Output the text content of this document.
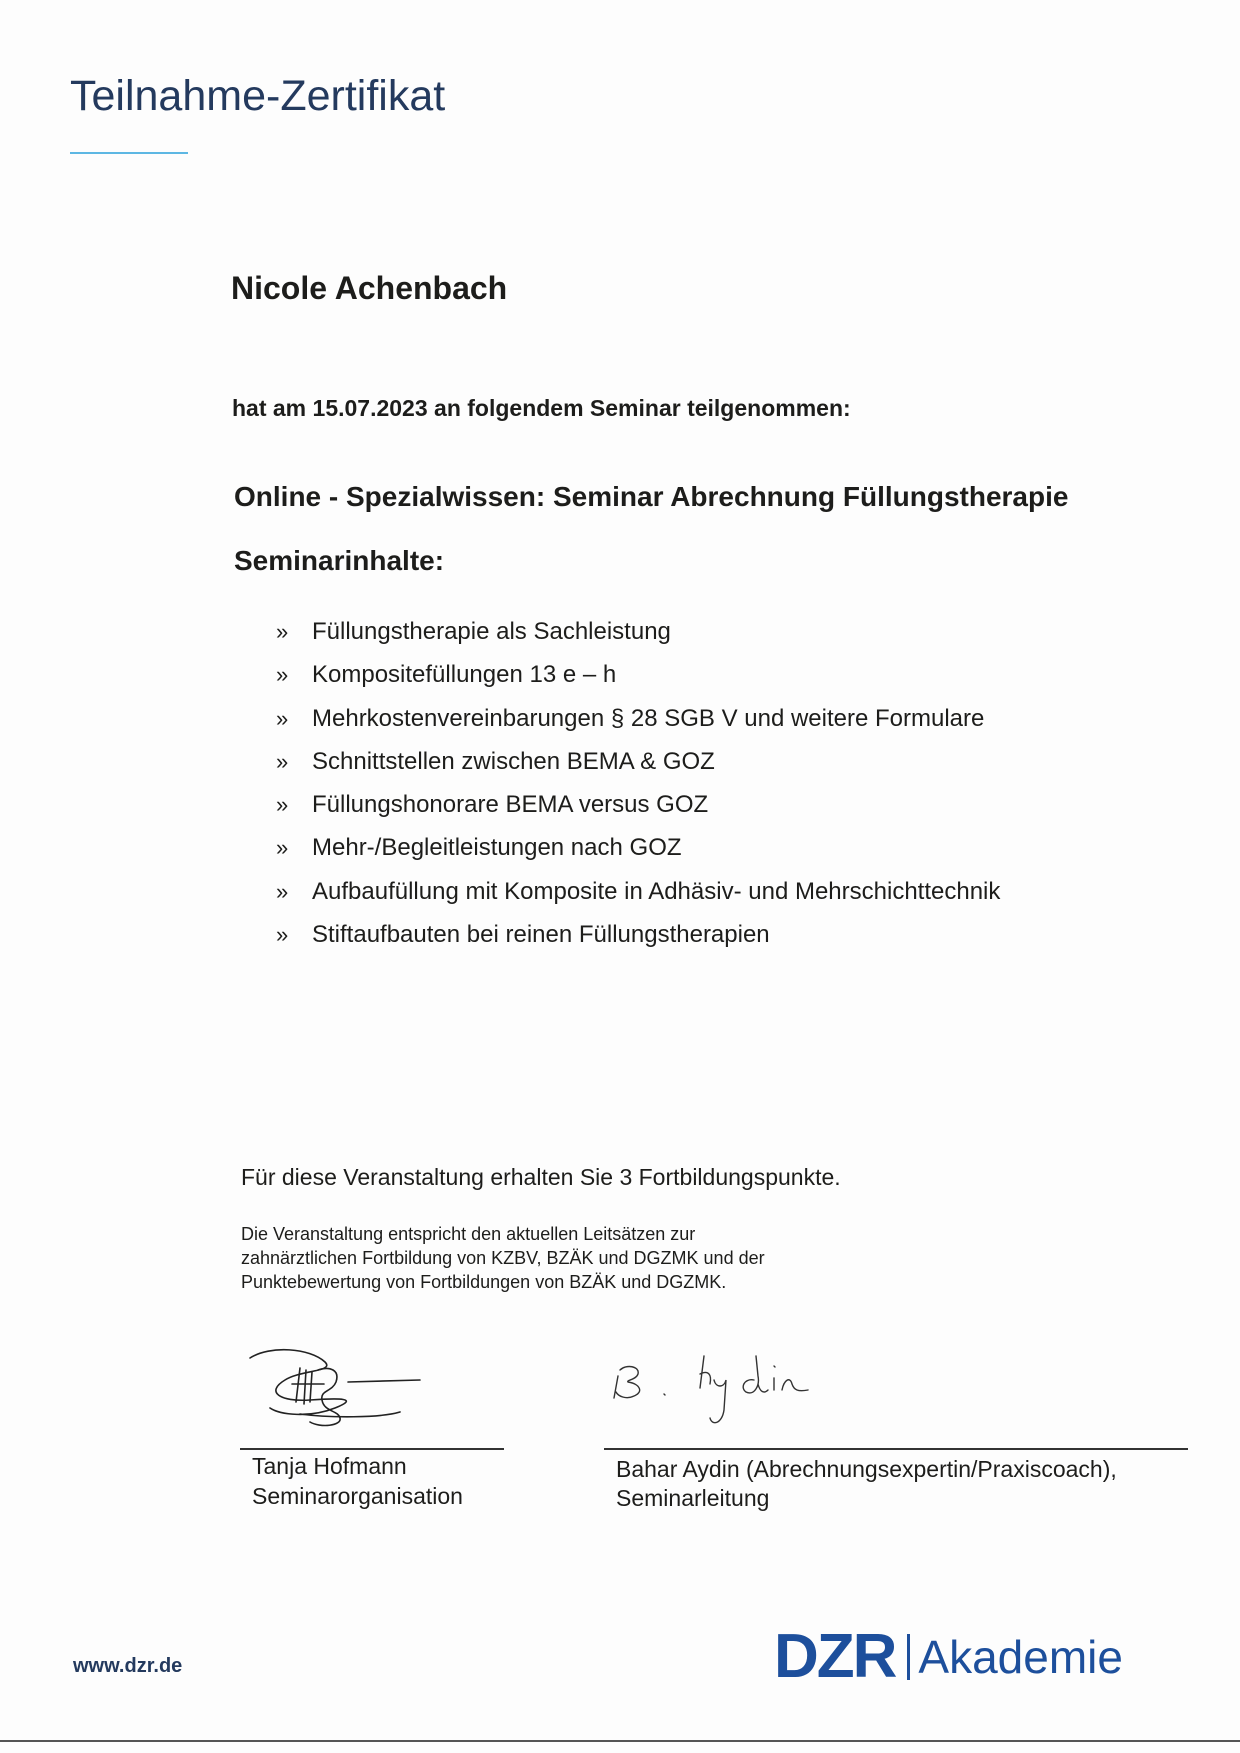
Teilnahme-Zertifikat
Nicole Achenbach
hat am 15.07.2023 an folgendem Seminar teilgenommen:
Online - Spezialwissen: Seminar Abrechnung Füllungstherapie
Seminarinhalte:
» Füllungstherapie als Sachleistung
» Kompositefüllungen 13 e – h
» Mehrkostenvereinbarungen § 28 SGB V und weitere Formulare
» Schnittstellen zwischen BEMA & GOZ
» Füllungshonorare BEMA versus GOZ
» Mehr-/Begleitleistungen nach GOZ
» Aufbaufüllung mit Komposite in Adhäsiv- und Mehrschichttechnik
» Stiftaufbauten bei reinen Füllungstherapien
Für diese Veranstaltung erhalten Sie 3 Fortbildungspunkte.
Die Veranstaltung entspricht den aktuellen Leitsätzen zur
zahnärztlichen Fortbildung von KZBV, BZÄK und DGZMK und der
Punktebewertung von Fortbildungen von BZÄK und DGZMK.
Tanja Hofmann
Seminarorganisation
Bahar Aydin (Abrechnungsexpertin/Praxiscoach),
Seminarleitung
www.dzr.de	DZR Akademie
